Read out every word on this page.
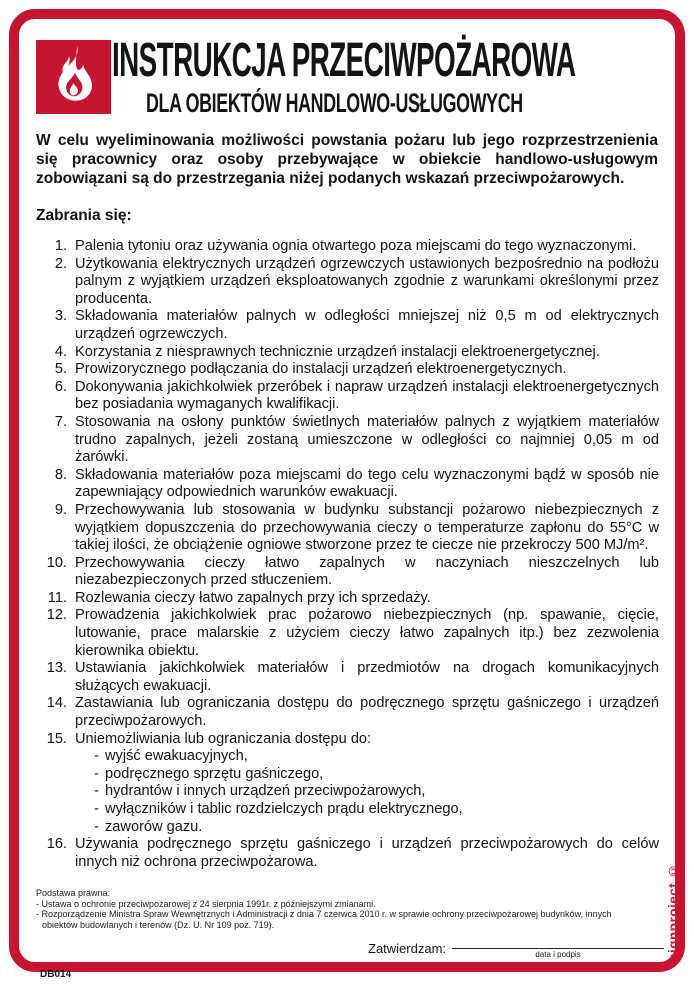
INSTRUKCJA PRZECIWPOŻAROWA
DLA OBIEKTÓW HANDLOWO-USŁUGOWYCH

W celu wyeliminowania możliwości powstania pożaru lub jego rozprzestrzenienia się pracownicy oraz osoby przebywające w obiekcie handlowo-usługowym zobowiązani są do przestrzegania niżej podanych wskazań przeciwpożarowych.

Zabrania się:
1. Palenia tytoniu oraz używania ognia otwartego poza miejscami do tego wyznaczonymi.
2. Użytkowania elektrycznych urządzeń ogrzewczych ustawionych bezpośrednio na podłożu palnym z wyjątkiem urządzeń eksploatowanych zgodnie z warunkami określonymi przez producenta.
3. Składowania materiałów palnych w odległości mniejszej niż 0,5 m od elektrycznych urządzeń ogrzewczych.
4. Korzystania z niesprawnych technicznie urządzeń instalacji elektroenergetycznej.
5. Prowizorycznego podłączania do instalacji urządzeń elektroenergetycznych.
6. Dokonywania jakichkolwiek przeróbek i napraw urządzeń instalacji elektroenergetycznych bez posiadania wymaganych kwalifikacji.
7. Stosowania na osłony punktów świetlnych materiałów palnych z wyjątkiem materiałów trudno zapalnych, jeżeli zostaną umieszczone w odległości co najmniej 0,05 m od żarówki.
8. Składowania materiałów poza miejscami do tego celu wyznaczonymi bądź w sposób nie zapewniający odpowiednich warunków ewakuacji.
9. Przechowywania lub stosowania w budynku substancji pożarowo niebezpiecznych z wyjątkiem dopuszczenia do przechowywania cieczy o temperaturze zapłonu do 55°C w takiej ilości, że obciążenie ogniowe stworzone przez te ciecze nie przekroczy 500 MJ/m².
10. Przechowywania cieczy łatwo zapalnych w naczyniach nieszczelnych lub niezabezpieczonych przed stłuczeniem.
11. Rozlewania cieczy łatwo zapalnych przy ich sprzedaży.
12. Prowadzenia jakichkolwiek prac pożarowo niebezpiecznych (np. spawanie, cięcie, lutowanie, prace malarskie z użyciem cieczy łatwo zapalnych itp.) bez zezwolenia kierownika obiektu.
13. Ustawiania jakichkolwiek materiałów i przedmiotów na drogach komunikacyjnych służących ewakuacji.
14. Zastawiania lub ograniczania dostępu do podręcznego sprzętu gaśniczego i urządzeń przeciwpożarowych.
15. Uniemożliwiania lub ograniczania dostępu do:
- wyjść ewakuacyjnych,
- podręcznego sprzętu gaśniczego,
- hydrantów i innych urządzeń przeciwpożarowych,
- wyłączników i tablic rozdzielczych prądu elektrycznego,
- zaworów gazu.
16. Używania podręcznego sprzętu gaśniczego i urządzeń przeciwpożarowych do celów innych niż ochrona przeciwpożarowa.
Podstawa prawna:
- Ustawa o ochronie przeciwpożarowej z 24 sierpnia 1991r. z późniejszymi zmianami.
- Rozporządzenie Ministra Spraw Wewnętrznych i Administracji z dnia 7 czerwca 2010 r. w sprawie ochrony przeciwpożarowej budynków, innych obiektów budowlanych i terenów (Dz. U. Nr 109 poz. 719).
Zatwierdzam:	data i podpis	signproject ©
DB014
